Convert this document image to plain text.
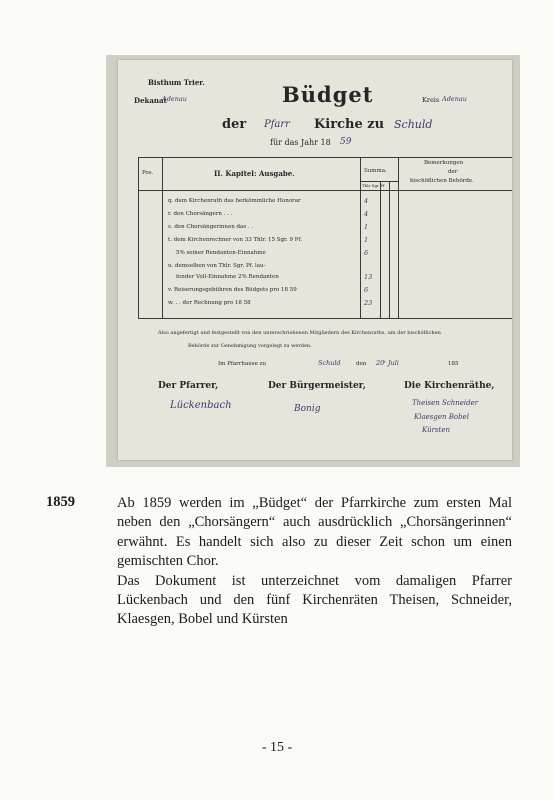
Bisthum Trier.
Dekanat
Adenau	Kreis Adenau
Büdget
der Pfarr Kirche zu Schuld
für das Jahr 18 59
Pos.	II. Kapitel: Ausgabe.	Summa.
Thlr Sgr Pf
Bemerkungen
der
bischöflichen Behörde.
q. dem Kirchenrath das herkömmliche Honorar	4
r. den Chorsängern . . .	4
s. den Chorsängerinnen das . .	1
t. dem Kirchenrechner von 33 Thlr. 15 Sgr. 9 Pf.	1
5% seiner Rendanten-Einnahme	6
u. demselben von Thlr. Sgr. Pf. lau-
fender Voll-Einnahme 2% Rendanten	13
v. Reiserungsgebühren des Büdgets pro 18 59	6
w. . . der Rechnung pro 18 58	23
Also angefertigt und festgestellt von den unterschriebenen Mitgliedern des Kirchenraths, um der bischöflichen
Behörde zur Genehmigung vorgelegt zu werden.
Im Pfarrhause zu	Schuld	den 20ᵗ Juli	185
Der Pfarrer,	Der Bürgermeister,	Die Kirchenräthe,
Lückenbach	Bonig
Theisen Schneider
Klaesgen Bobel
Kürsten
1859	Ab 1859 werden im „Büdget“ der Pfarrkirche zum ersten Mal neben den „Chorsängern“ auch ausdrücklich „Chorsängerinnen“ erwähnt. Es handelt sich also zu dieser Zeit schon um einen gemischten Chor.

Das Dokument ist unterzeichnet vom damaligen Pfarrer Lückenbach und den fünf Kirchenräten Theisen, Schneider, Klaesgen, Bobel und Kürsten

- 15 -
